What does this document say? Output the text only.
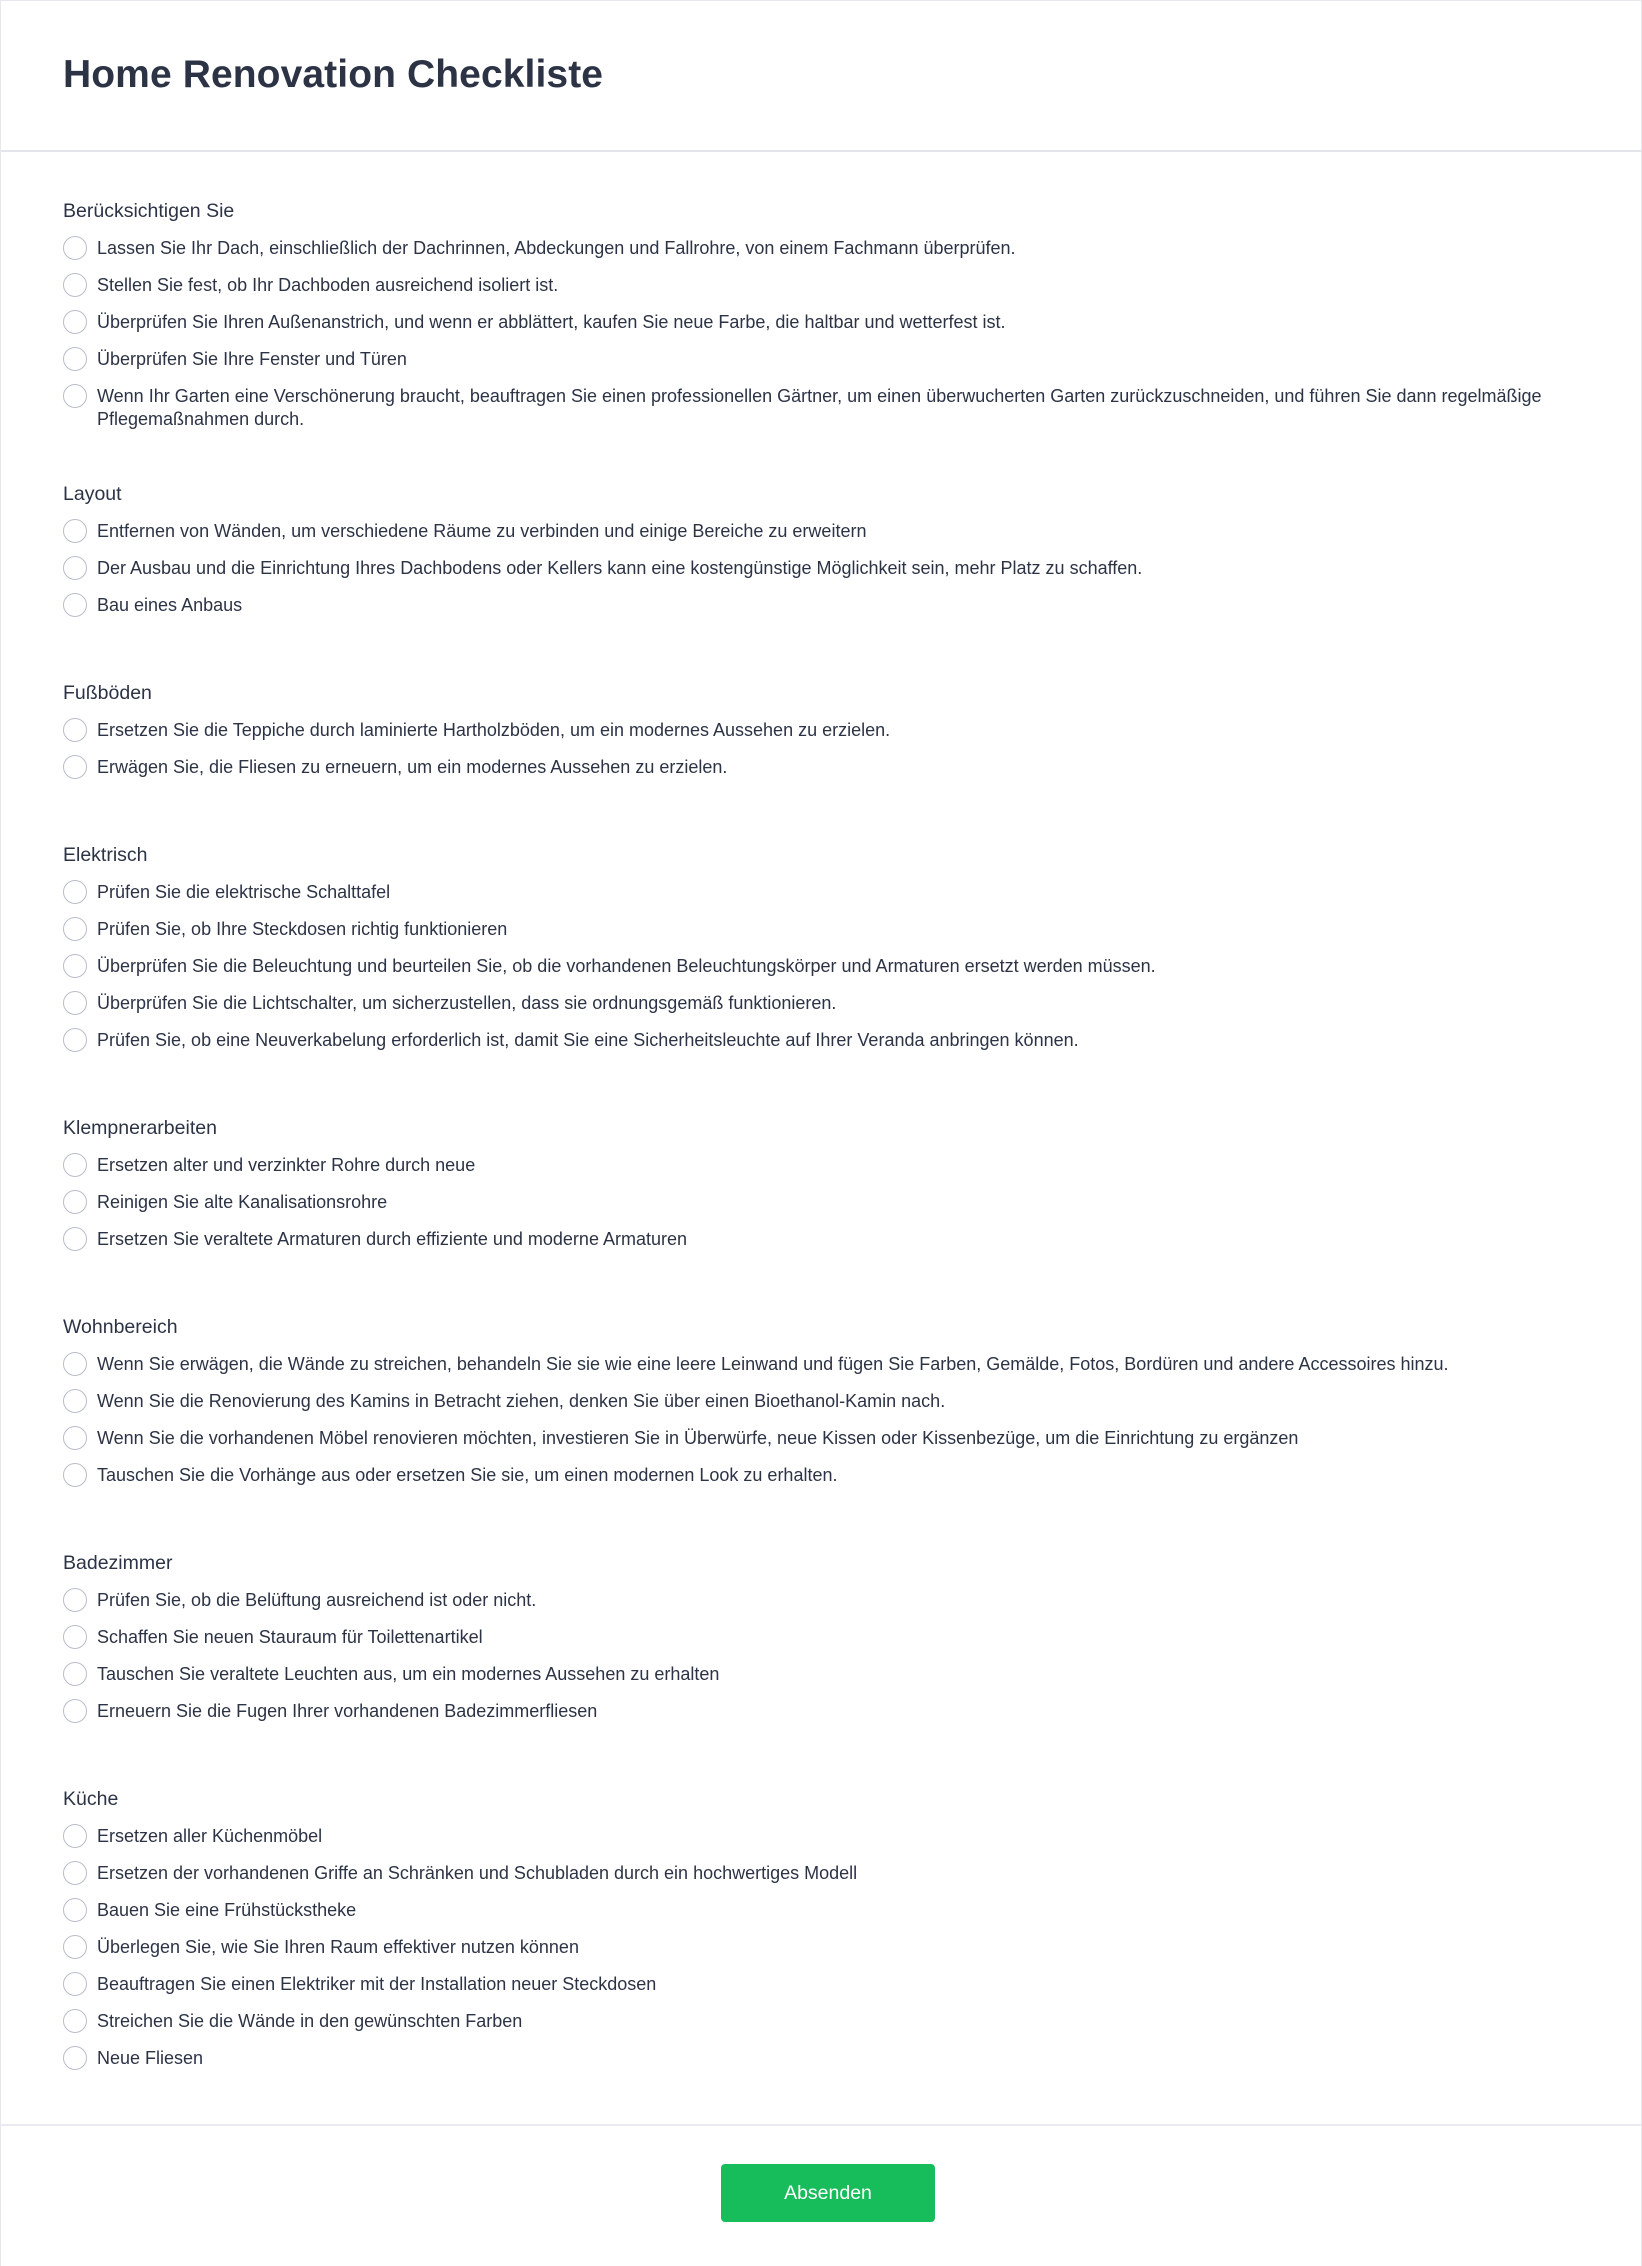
Home Renovation Checkliste
Berücksichtigen Sie
Lassen Sie Ihr Dach, einschließlich der Dachrinnen, Abdeckungen und Fallrohre, von einem Fachmann überprüfen.
Stellen Sie fest, ob Ihr Dachboden ausreichend isoliert ist.
Überprüfen Sie Ihren Außenanstrich, und wenn er abblättert, kaufen Sie neue Farbe, die haltbar und wetterfest ist.
Überprüfen Sie Ihre Fenster und Türen
Wenn Ihr Garten eine Verschönerung braucht, beauftragen Sie einen professionellen Gärtner, um einen überwucherten Garten zurückzuschneiden, und führen Sie dann regelmäßige Pflegemaßnahmen durch.
Layout
Entfernen von Wänden, um verschiedene Räume zu verbinden und einige Bereiche zu erweitern
Der Ausbau und die Einrichtung Ihres Dachbodens oder Kellers kann eine kostengünstige Möglichkeit sein, mehr Platz zu schaffen.
Bau eines Anbaus
Fußböden
Ersetzen Sie die Teppiche durch laminierte Hartholzböden, um ein modernes Aussehen zu erzielen.
Erwägen Sie, die Fliesen zu erneuern, um ein modernes Aussehen zu erzielen.
Elektrisch
Prüfen Sie die elektrische Schalttafel
Prüfen Sie, ob Ihre Steckdosen richtig funktionieren
Überprüfen Sie die Beleuchtung und beurteilen Sie, ob die vorhandenen Beleuchtungskörper und Armaturen ersetzt werden müssen.
Überprüfen Sie die Lichtschalter, um sicherzustellen, dass sie ordnungsgemäß funktionieren.
Prüfen Sie, ob eine Neuverkabelung erforderlich ist, damit Sie eine Sicherheitsleuchte auf Ihrer Veranda anbringen können.
Klempnerarbeiten
Ersetzen alter und verzinkter Rohre durch neue
Reinigen Sie alte Kanalisationsrohre
Ersetzen Sie veraltete Armaturen durch effiziente und moderne Armaturen
Wohnbereich
Wenn Sie erwägen, die Wände zu streichen, behandeln Sie sie wie eine leere Leinwand und fügen Sie Farben, Gemälde, Fotos, Bordüren und andere Accessoires hinzu.
Wenn Sie die Renovierung des Kamins in Betracht ziehen, denken Sie über einen Bioethanol-Kamin nach.
Wenn Sie die vorhandenen Möbel renovieren möchten, investieren Sie in Überwürfe, neue Kissen oder Kissenbezüge, um die Einrichtung zu ergänzen
Tauschen Sie die Vorhänge aus oder ersetzen Sie sie, um einen modernen Look zu erhalten.
Badezimmer
Prüfen Sie, ob die Belüftung ausreichend ist oder nicht.
Schaffen Sie neuen Stauraum für Toilettenartikel
Tauschen Sie veraltete Leuchten aus, um ein modernes Aussehen zu erhalten
Erneuern Sie die Fugen Ihrer vorhandenen Badezimmerfliesen
Küche
Ersetzen aller Küchenmöbel
Ersetzen der vorhandenen Griffe an Schränken und Schubladen durch ein hochwertiges Modell
Bauen Sie eine Frühstückstheke
Überlegen Sie, wie Sie Ihren Raum effektiver nutzen können
Beauftragen Sie einen Elektriker mit der Installation neuer Steckdosen
Streichen Sie die Wände in den gewünschten Farben
Neue Fliesen
Absenden
